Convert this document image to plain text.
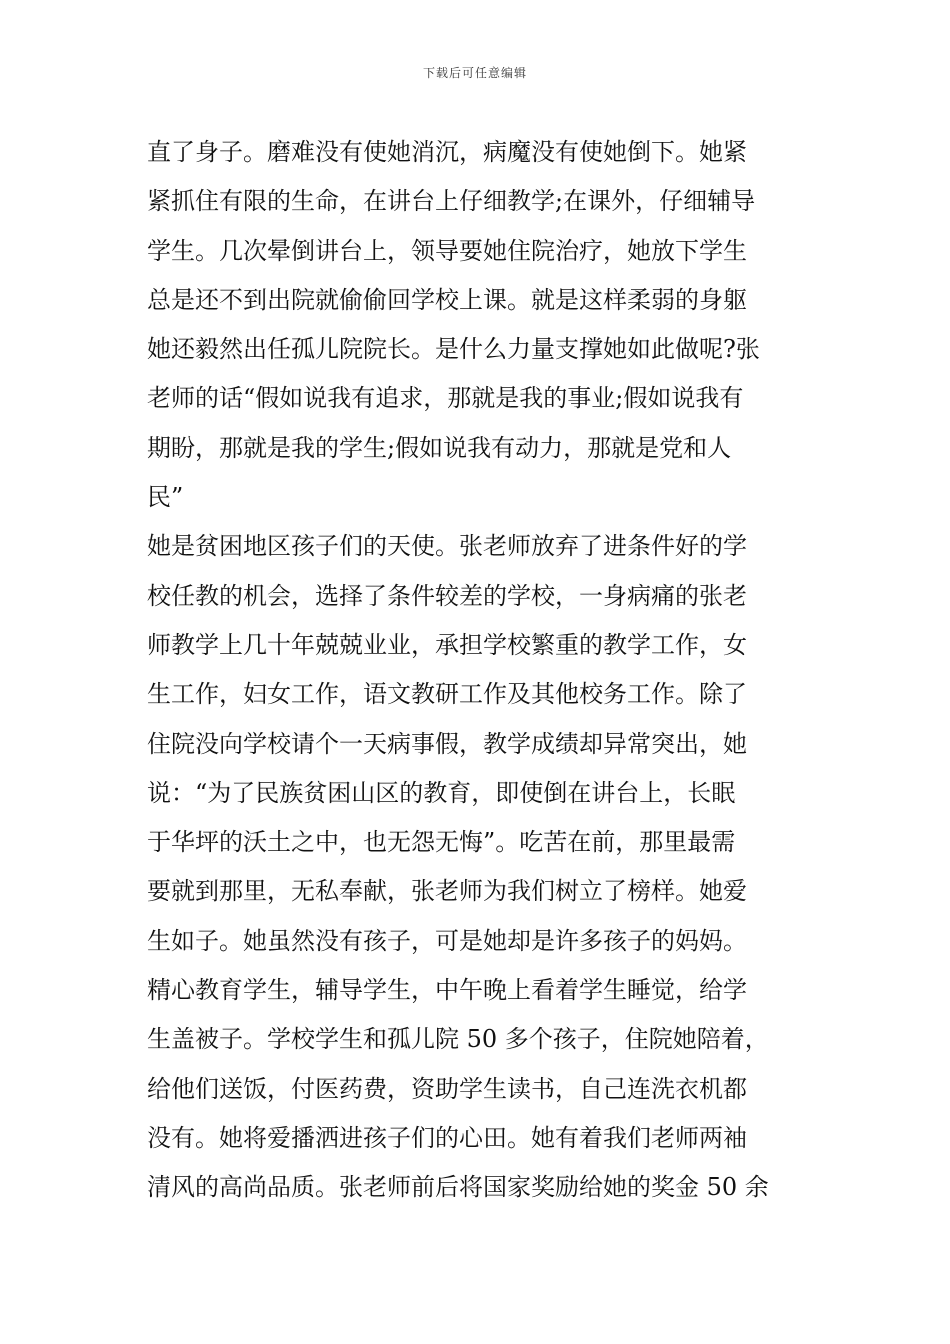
下载后可任意编辑
直了身子。磨难没有使她消沉，病魔没有使她倒下。她紧
紧抓住有限的生命，在讲台上仔细教学;在课外，仔细辅导
学生。几次晕倒讲台上，领导要她住院治疗，她放下学生
总是还不到出院就偷偷回学校上课。就是这样柔弱的身躯
她还毅然出任孤儿院院长。是什么力量支撑她如此做呢?张
老师的话“假如说我有追求，那就是我的事业;假如说我有
期盼，那就是我的学生;假如说我有动力，那就是党和人
民”
她是贫困地区孩子们的天使。张老师放弃了进条件好的学
校任教的机会，选择了条件较差的学校，一身病痛的张老
师教学上几十年兢兢业业，承担学校繁重的教学工作，女
生工作，妇女工作，语文教研工作及其他校务工作。除了
住院没向学校请个一天病事假，教学成绩却异常突出，她
说：“为了民族贫困山区的教育，即使倒在讲台上，长眠
于华坪的沃土之中，也无怨无悔”。吃苦在前，那里最需
要就到那里，无私奉献，张老师为我们树立了榜样。她爱
生如子。她虽然没有孩子，可是她却是许多孩子的妈妈。
精心教育学生，辅导学生，中午晚上看着学生睡觉，给学
生盖被子。学校学生和孤儿院 50 多个孩子，住院她陪着，
给他们送饭，付医药费，资助学生读书，自己连洗衣机都
没有。她将爱播洒进孩子们的心田。她有着我们老师两袖
清风的高尚品质。张老师前后将国家奖励给她的奖金 50 余
